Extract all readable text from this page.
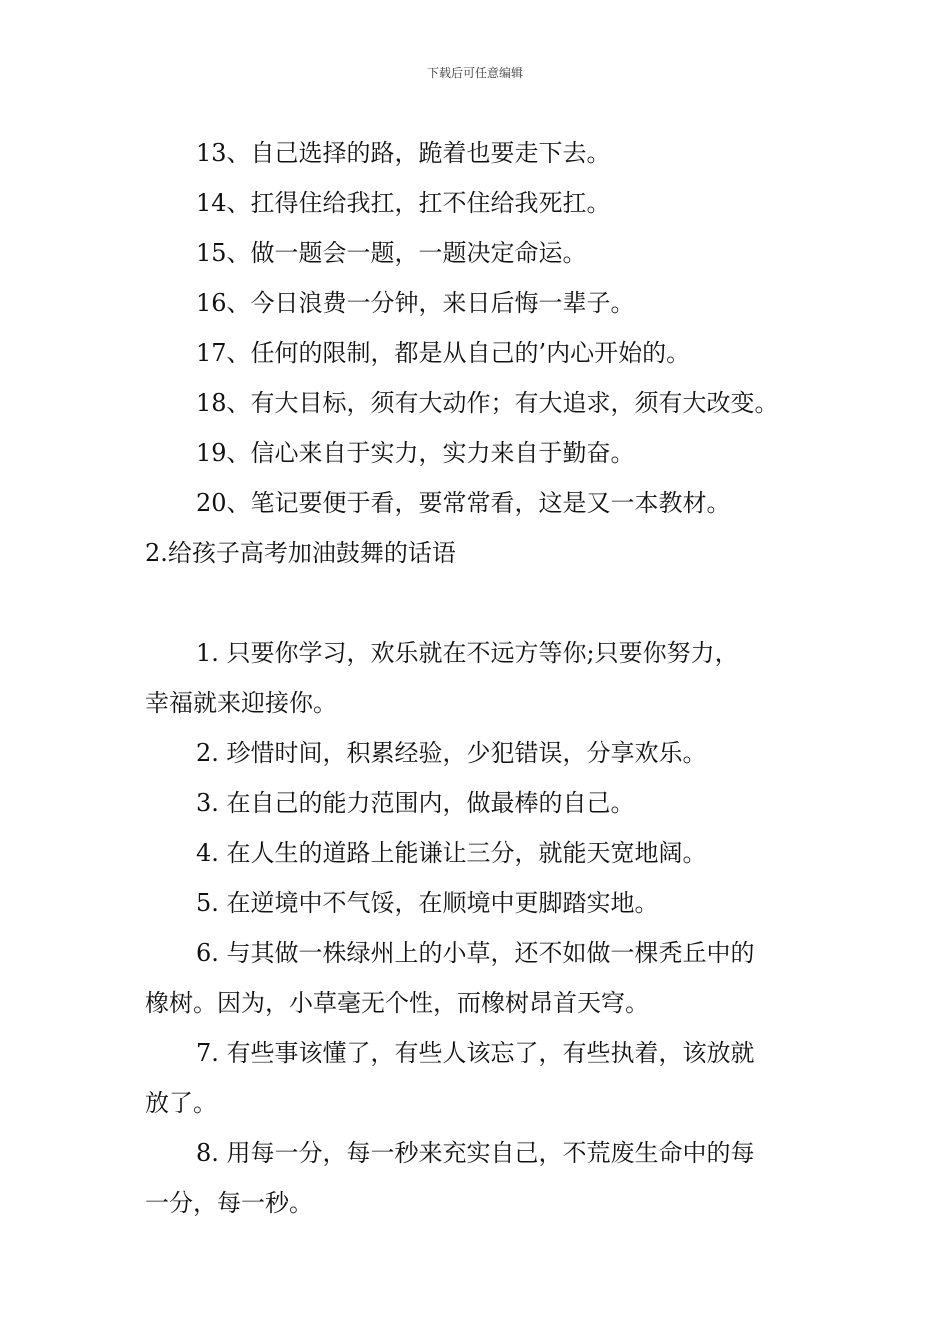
下载后可任意编辑
13、自己选择的路，跪着也要走下去。
14、扛得住给我扛，扛不住给我死扛。
15、做一题会一题，一题决定命运。
16、今日浪费一分钟，来日后悔一辈子。
17、任何的限制，都是从自己的’内心开始的。
18、有大目标，须有大动作；有大追求，须有大改变。
19、信心来自于实力，实力来自于勤奋。
20、笔记要便于看，要常常看，这是又一本教材。
2.给孩子高考加油鼓舞的话语
1. 只要你学习，欢乐就在不远方等你;只要你努力，
幸福就来迎接你。
2. 珍惜时间，积累经验，少犯错误，分享欢乐。
3. 在自己的能力范围内，做最棒的自己。
4. 在人生的道路上能谦让三分，就能天宽地阔。
5. 在逆境中不气馁，在顺境中更脚踏实地。
6. 与其做一株绿州上的小草，还不如做一棵秃丘中的
橡树。因为，小草毫无个性，而橡树昂首天穹。
7. 有些事该懂了，有些人该忘了，有些执着，该放就
放了。
8. 用每一分，每一秒来充实自己，不荒废生命中的每
一分，每一秒。
